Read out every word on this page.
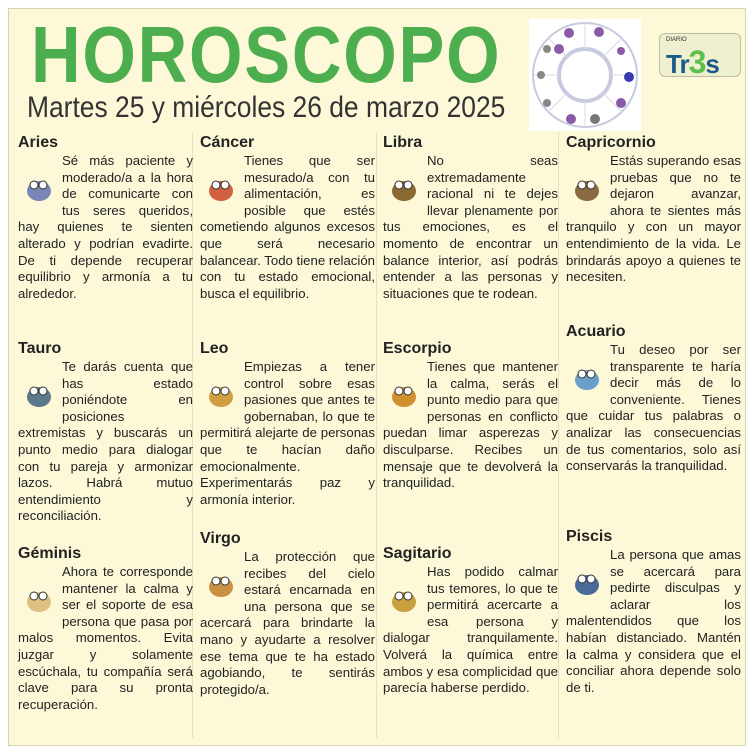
HOROSCOPO
Martes 25 y miércoles 26 de marzo 2025
DIARIO
Tr3s
Aries

Sé más paciente y moderado/a a la hora de comunicarte con tus seres queridos, hay quienes te sienten alterado y podrían evadirte. De ti depende recuperar equilibrio y armonía a tu alrededor.

Tauro

Te darás cuenta que has estado poniéndote en posiciones extremistas y buscarás un punto medio para dialogar con tu pareja y armonizar lazos. Habrá mutuo entendimiento y reconciliación.

Géminis

Ahora te corresponde mantener la calma y ser el soporte de esa persona que pasa por malos momentos. Evita juzgar y solamente escúchala, tu compañía será clave para su pronta recuperación.

Cáncer

Tienes que ser mesurado/a con tu alimentación, es posible que estés cometiendo algunos excesos que será necesario balancear. Todo tiene relación con tu estado emocional, busca el equilibrio.

Leo

Empiezas a tener control sobre esas pasiones que antes te gobernaban, lo que te permitirá alejarte de personas que te hacían daño emocionalmente. Experimentarás paz y armonía interior.

Virgo

La protección que recibes del cielo estará encarnada en una persona que se acercará para brindarte la mano y ayudarte a resolver ese tema que te ha estado agobiando, te sentirás protegido/a.

Libra

No seas extremadamente racional ni te dejes llevar plenamente por tus emociones, es el momento de encontrar un balance interior, así podrás entender a las personas y situaciones que te rodean.

Escorpio

Tienes que mantener la calma, serás el punto medio para que personas en conflicto puedan limar asperezas y disculparse. Recibes un mensaje que te devolverá la tranquilidad.

Sagitario

Has podido calmar tus temores, lo que te permitirá acercarte a esa persona y dialogar tranquilamente. Volverá la química entre ambos y esa complicidad que parecía haberse perdido.

Capricornio

Estás superando esas pruebas que no te dejaron avanzar, ahora te sientes más tranquilo y con un mayor entendimiento de la vida. Le brindarás apoyo a quienes te necesiten.

Acuario

Tu deseo por ser transparente te haría decir más de lo conveniente. Tienes que cuidar tus palabras o analizar las consecuencias de tus comentarios, solo así conservarás la tranquilidad.

Piscis

La persona que amas se acercará para pedirte disculpas y aclarar los malentendidos que los habían distanciado. Mantén la calma y considera que el conciliar ahora depende solo de ti.
